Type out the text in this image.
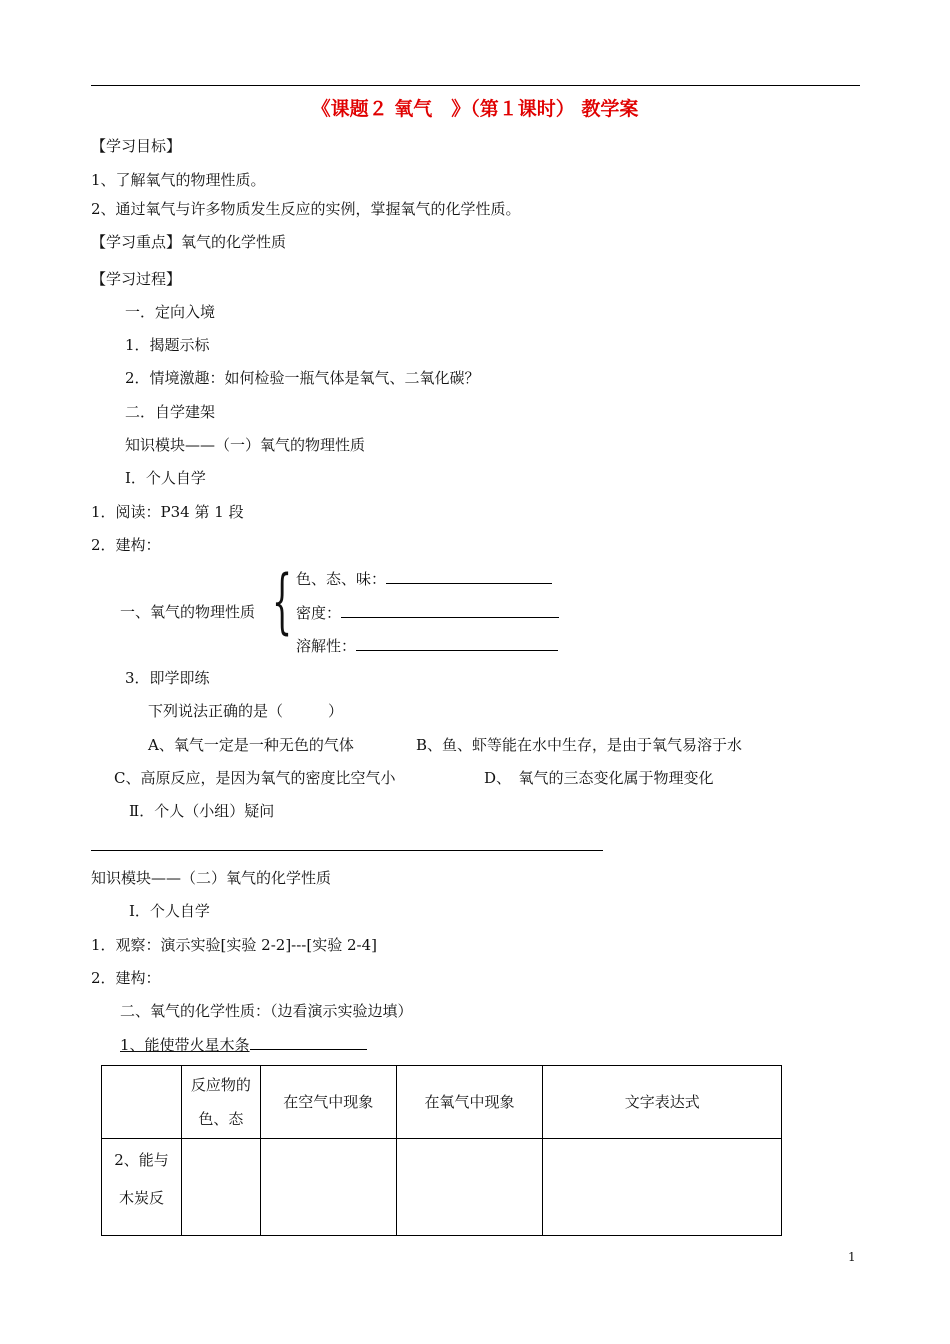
《课题２ 氧气　》（第１课时） 教学案
【学习目标】
1、了解氧气的物理性质。
2、通过氧气与许多物质发生反应的实例，掌握氧气的化学性质。
【学习重点】氧气的化学性质
【学习过程】
一．定向入境
1．揭题示标
2．情境激趣：如何检验一瓶气体是氧气、二氧化碳？
二．自学建架
知识模块——（一）氧气的物理性质
Ⅰ．个人自学
1．阅读：P34 第 1 段
2．建构：
一、氧气的物理性质 { 色、态、味：
密度：
溶解性：
3．即学即练
下列说法正确的是（　　　）
A、氧气一定是一种无色的气体	B、鱼、虾等能在水中生存，是由于氧气易溶于水
C、高原反应，是因为氧气的密度比空气小	D、　氧气的三态变化属于物理变化
Ⅱ．个人（小组）疑问
知识模块——（二）氧气的化学性质
Ⅰ．个人自学
1．观察：演示实验[实验 2-2]---[实验 2-4]
2．建构：
二、氧气的化学性质：（边看演示实验边填）
1、能使带火星木条

	反应物的色、态	在空气中现象	在氧气中现象	文字表达式

2、能与木炭反				

1
